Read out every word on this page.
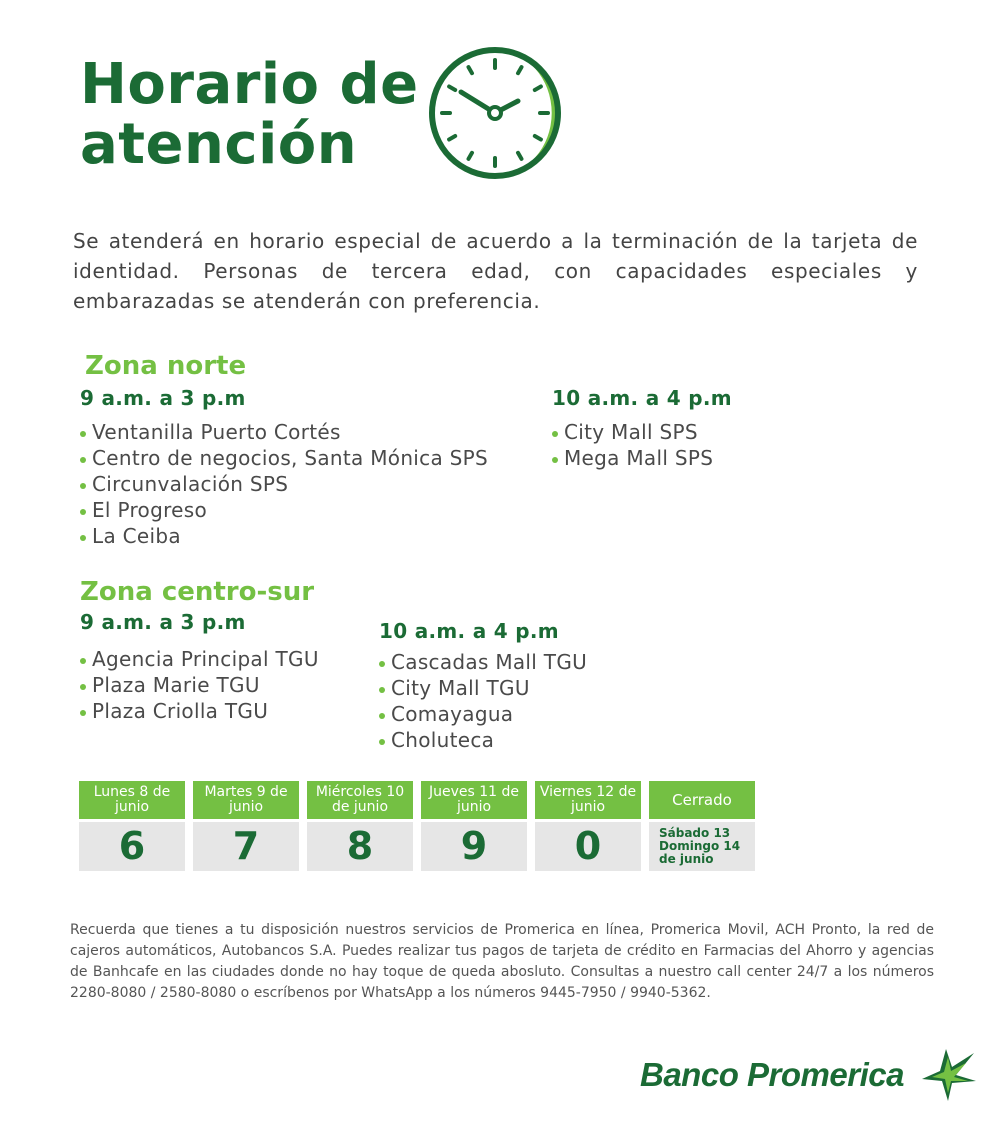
Horario de
atención

Se atenderá en horario especial de acuerdo a la terminación de la tarjeta de identidad. Personas de tercera edad, con capacidades especiales y embarazadas se atenderán con preferencia.

Zona norte
9 a.m. a 3 p.m
Ventanilla Puerto Cortés
Centro de negocios, Santa Mónica SPS
Circunvalación SPS
El Progreso
La Ceiba
10 a.m. a 4 p.m
City Mall SPS
Mega Mall SPS
Zona centro-sur
9 a.m. a 3 p.m
Agencia Principal TGU
Plaza Marie TGU
Plaza Criolla TGU
10 a.m. a 4 p.m
Cascadas Mall TGU
City Mall TGU
Comayagua
Choluteca
Lunes 8 de junio
6
Martes 9 de junio
7
Miércoles 10 de junio
8
Jueves 11 de junio
9
Viernes 12 de junio
0
Cerrado
Sábado 13
Domingo 14
de junio

Recuerda que tienes a tu disposición nuestros servicios de Promerica en línea, Promerica Movil, ACH Pronto, la red de cajeros automáticos, Autobancos S.A. Puedes realizar tus pagos de tarjeta de crédito en Farmacias del Ahorro y agencias de Banhcafe en las ciudades donde no hay toque de queda abosluto. Consultas a nuestro call center 24/7 a los números 2280-8080 / 2580-8080 o escríbenos por WhatsApp a los números 9445-7950 / 9940-5362.

Banco Promerica
